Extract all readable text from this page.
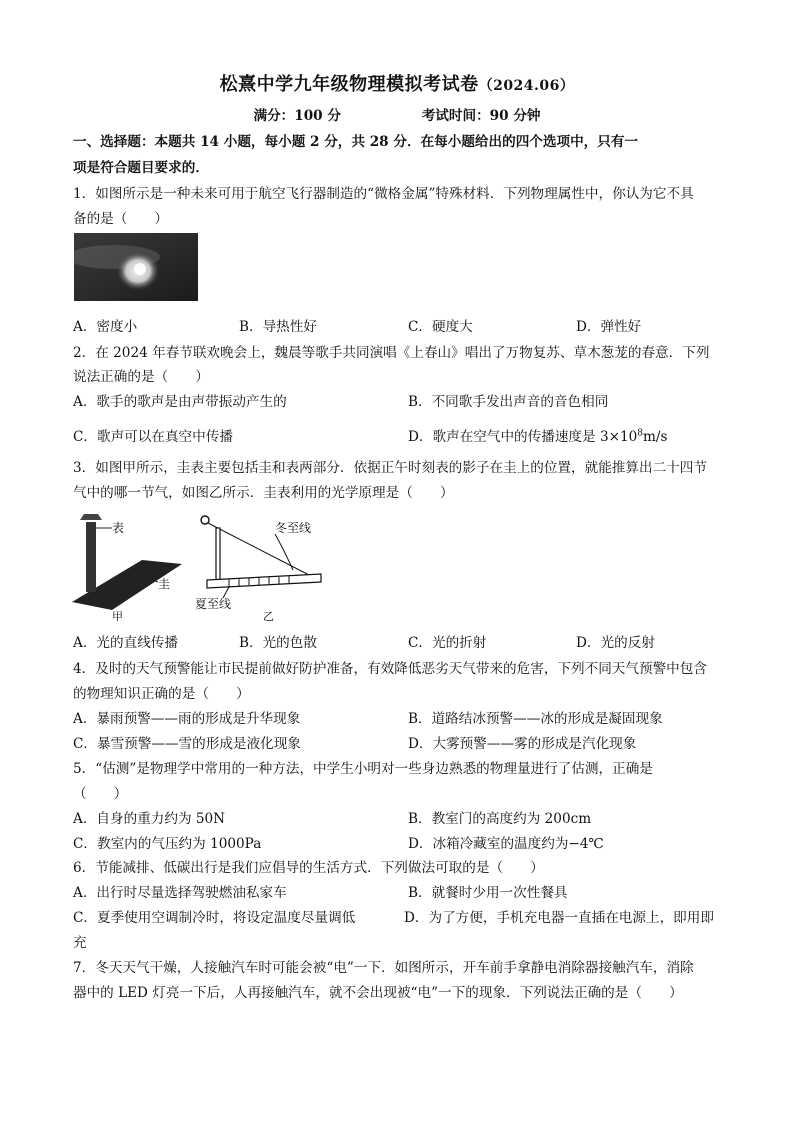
松熹中学九年级物理模拟考试卷（2024.06）
满分：100 分	考试时间：90 分钟
一、选择题：本题共 14 小题，每小题 2 分，共 28 分．在每小题给出的四个选项中，只有一
项是符合题目要求的．
1．如图所示是一种未来可用于航空飞行器制造的“微格金属”特殊材料．下列物理属性中，你认为它不具
备的是（　　）
A．密度小	B．导热性好	C．硬度大	D．弹性好
2．在 2024 年春节联欢晚会上，魏晨等歌手共同演唱《上春山》唱出了万物复苏、草木葱茏的春意．下列
说法正确的是（　　）
A．歌手的歌声是由声带振动产生的	B．不同歌手发出声音的音色相同
C．歌声可以在真空中传播	D．歌声在空气中的传播速度是 $3\times 10^8m/s$
3．如图甲所示，圭表主要包括圭和表两部分．依据正午时刻表的影子在圭上的位置，就能推算出二十四节
气中的哪一节气，如图乙所示．圭表利用的光学原理是（　　）
表
圭
甲
冬至线
夏至线
乙
A．光的直线传播	B．光的色散	C．光的折射	D．光的反射
4．及时的天气预警能让市民提前做好防护准备，有效降低恶劣天气带来的危害，下列不同天气预警中包含
的物理知识正确的是（　　）
A．暴雨预警——雨的形成是升华现象	B．道路结冰预警——冰的形成是凝固现象
C．暴雪预警——雪的形成是液化现象	D．大雾预警——雾的形成是汽化现象
5．“估测”是物理学中常用的一种方法，中学生小明对一些身边熟悉的物理量进行了估测，正确是
（　　）
A．自身的重力约为 50N	B．教室门的高度约为 200cm
C．教室内的气压约为 1000Pa	D．冰箱冷藏室的温度约为−4℃
6．节能减排、低碳出行是我们应倡导的生活方式．下列做法可取的是（　　）
A．出行时尽量选择驾驶燃油私家车	B．就餐时少用一次性餐具
C．夏季使用空调制冷时，将设定温度尽量调低	D．为了方便，手机充电器一直插在电源上，即用即
充
7．冬天天气干燥，人接触汽车时可能会被“电”一下．如图所示，开车前手拿静电消除器接触汽车，消除
器中的 LED 灯亮一下后，人再接触汽车，就不会出现被“电”一下的现象．下列说法正确的是（　　）
